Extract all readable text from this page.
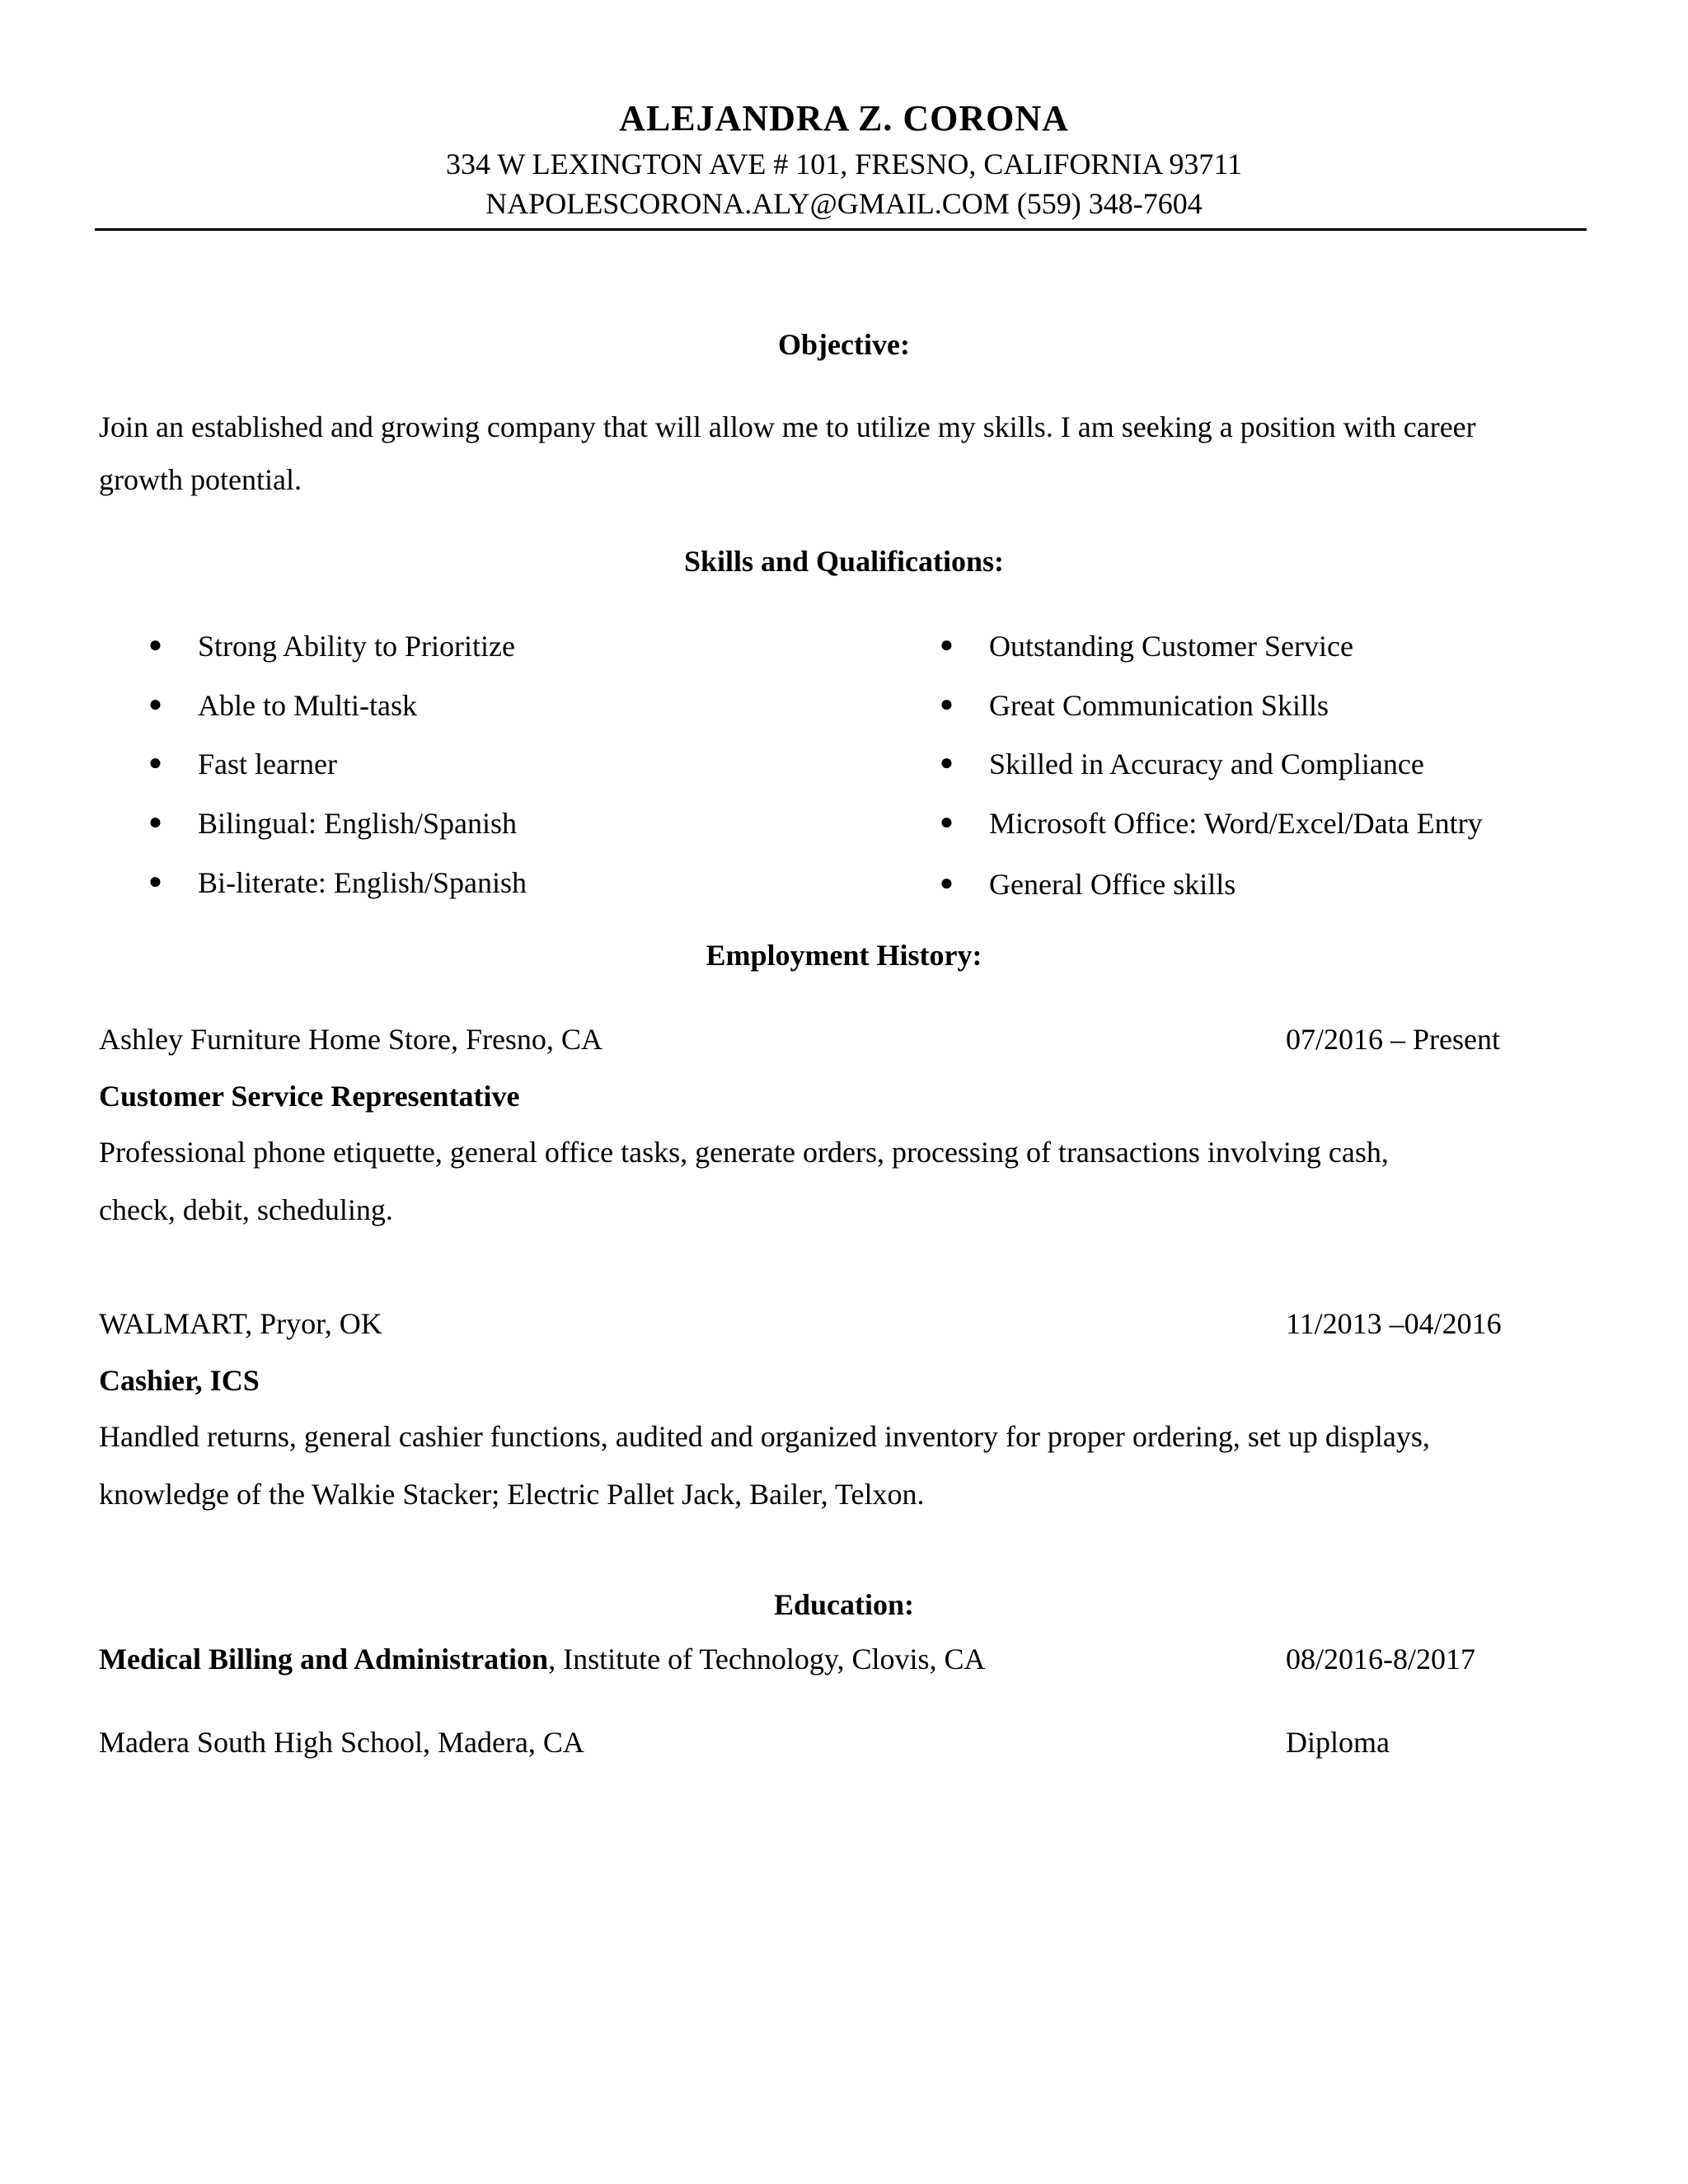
ALEJANDRA Z. CORONA
334 W LEXINGTON AVE # 101, FRESNO, CALIFORNIA 93711
NAPOLESCORONA.ALY@GMAIL.COM (559) 348-7604
Objective:
Join an established and growing company that will allow me to utilize my skills. I am seeking a position with career
growth potential.
Skills and Qualifications:
● Strong Ability to Prioritize
● Able to Multi-task
● Fast learner
● Bilingual: English/Spanish
● Bi-literate: English/Spanish
● Outstanding Customer Service
● Great Communication Skills
● Skilled in Accuracy and Compliance
● Microsoft Office: Word/Excel/Data Entry
● General Office skills
Employment History:
Ashley Furniture Home Store, Fresno, CA	07/2016 – Present
Customer Service Representative
Professional phone etiquette, general office tasks, generate orders, processing of transactions involving cash,
check, debit, scheduling.
WALMART, Pryor, OK	11/2013 –04/2016
Cashier, ICS
Handled returns, general cashier functions, audited and organized inventory for proper ordering, set up displays,
knowledge of the Walkie Stacker; Electric Pallet Jack, Bailer, Telxon.
Education:
Medical Billing and Administration, Institute of Technology, Clovis, CA	08/2016-8/2017
Madera South High School, Madera, CA	Diploma
